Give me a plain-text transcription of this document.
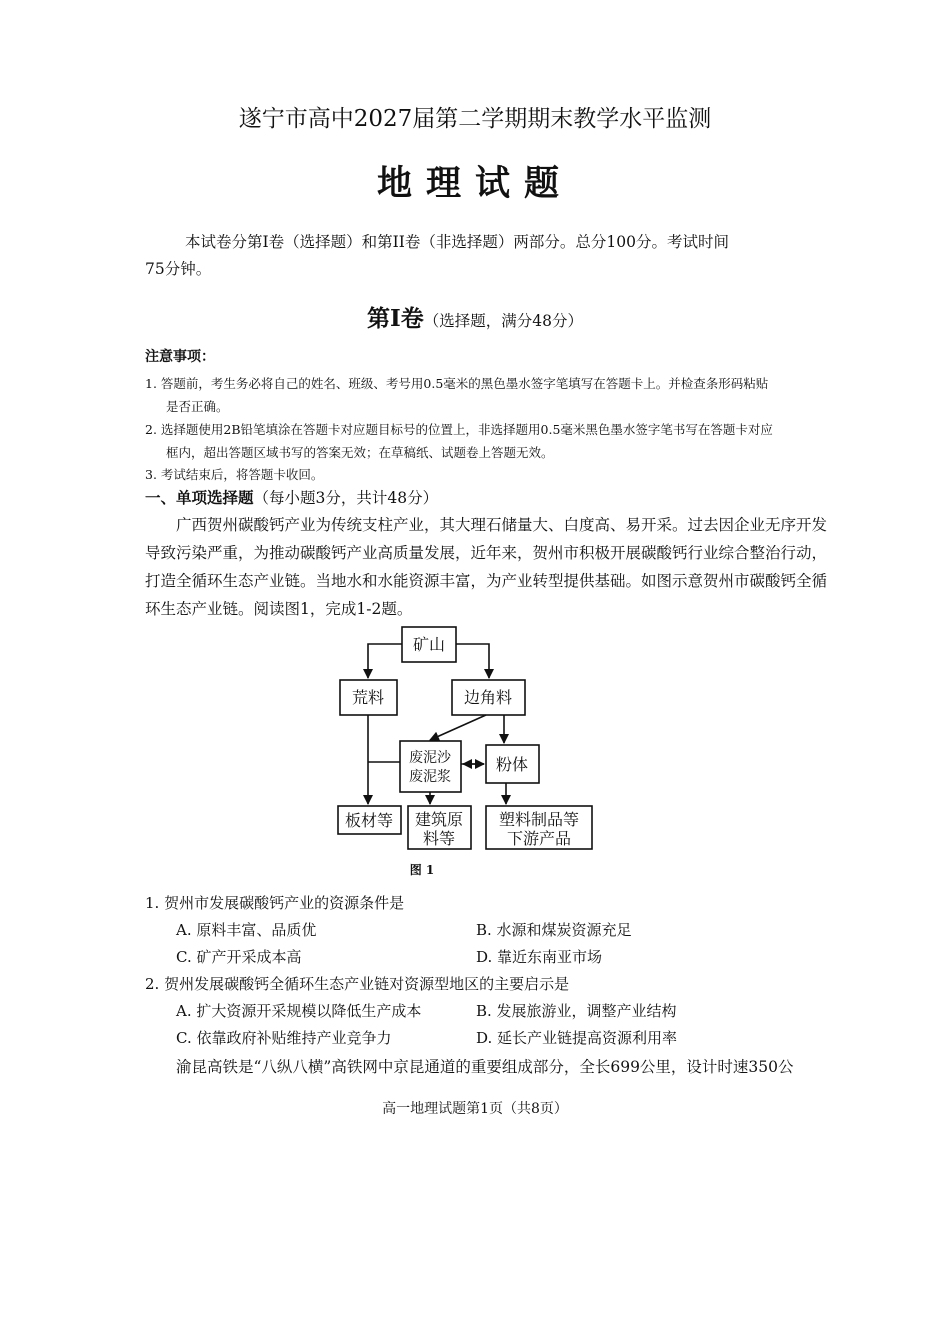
遂宁市高中2027届第二学期期末教学水平监测
地理试题
本试卷分第Ⅰ卷（选择题）和第II卷（非选择题）两部分。总分100分。考试时间
75分钟。
第Ⅰ卷（选择题，满分48分）
注意事项：
1. 答题前，考生务必将自己的姓名、班级、考号用0.5毫米的黑色墨水签字笔填写在答题卡上。并检查条形码粘贴
是否正确。
2. 选择题使用2B铅笔填涂在答题卡对应题目标号的位置上，非选择题用0.5毫米黑色墨水签字笔书写在答题卡对应
框内，超出答题区域书写的答案无效；在草稿纸、试题卷上答题无效。
3. 考试结束后，将答题卡收回。
一、单项选择题（每小题3分，共计48分）
广西贺州碳酸钙产业为传统支柱产业，其大理石储量大、白度高、易开采。过去因企业无序开发
导致污染严重，为推动碳酸钙产业高质量发展，近年来，贺州市积极开展碳酸钙行业综合整治行动，
打造全循环生态产业链。当地水和水能资源丰富，为产业转型提供基础。如图示意贺州市碳酸钙全循
环生态产业链。阅读图1，完成1-2题。
矿山
荒料	边角料
废泥沙
废泥浆
粉体
板材等 建筑原
料等
塑料制品等
下游产品
图 1
1. 贺州市发展碳酸钙产业的资源条件是
A. 原料丰富、品质优	B. 水源和煤炭资源充足
C. 矿产开采成本高	D. 靠近东南亚市场
2. 贺州发展碳酸钙全循环生态产业链对资源型地区的主要启示是
A. 扩大资源开采规模以降低生产成本	B. 发展旅游业，调整产业结构
C. 依靠政府补贴维持产业竞争力	D. 延长产业链提高资源利用率
渝昆高铁是“八纵八横”高铁网中京昆通道的重要组成部分，全长699公里，设计时速350公
高一地理试题第1页（共8页）
